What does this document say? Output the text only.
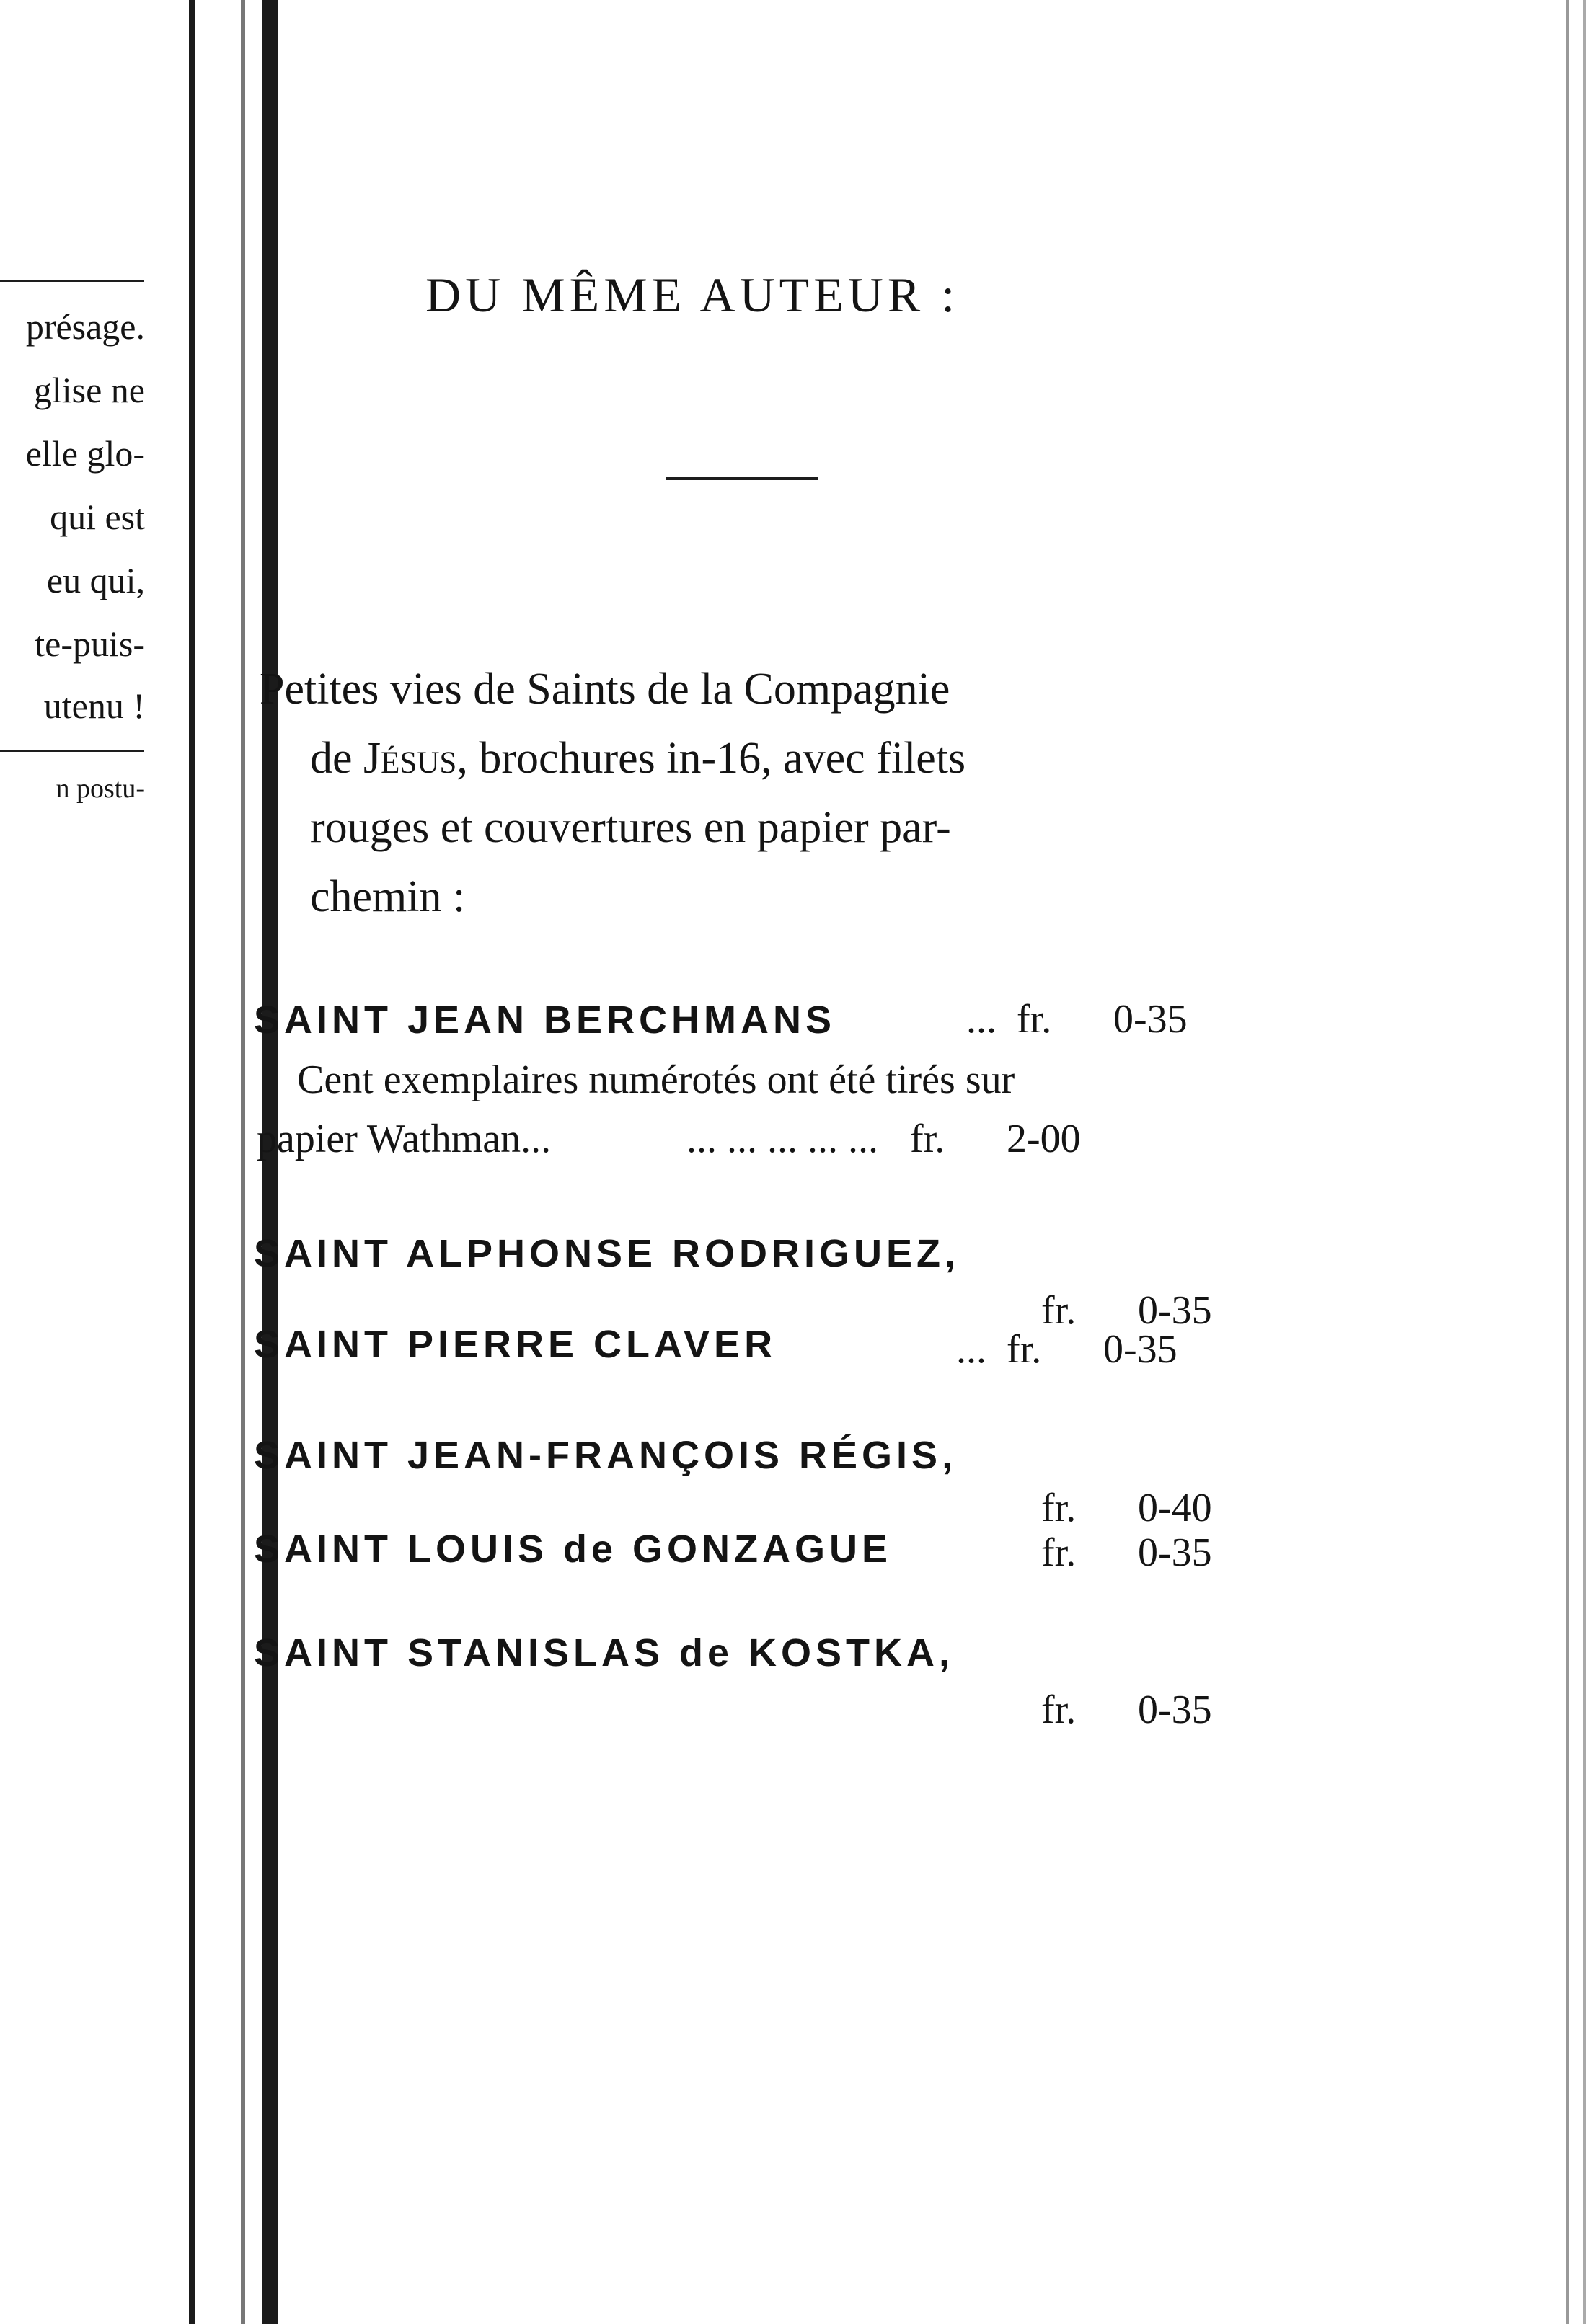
présage.
glise ne
elle glo-
qui est
eu qui,
te-puis-
utenu !
n postu-
DU MÊME AUTEUR :
Petites vies de Saints de la Compagnie
de Jésus, brochures in-16, avec filets
rouges et couvertures en papier par-
chemin :
SAINT JEAN BERCHMANS	... fr. 0-35
Cent exemplaires numérotés ont été tirés sur
papier Wathman...	... ... ... ... ... fr. 2-00
SAINT ALPHONSE RODRIGUEZ,
fr. 0-35
SAINT PIERRE CLAVER	... fr. 0-35
SAINT JEAN-FRANÇOIS RÉGIS,
fr. 0-40
SAINT LOUIS de GONZAGUE	fr. 0-35
SAINT STANISLAS de KOSTKA,
fr. 0-35
